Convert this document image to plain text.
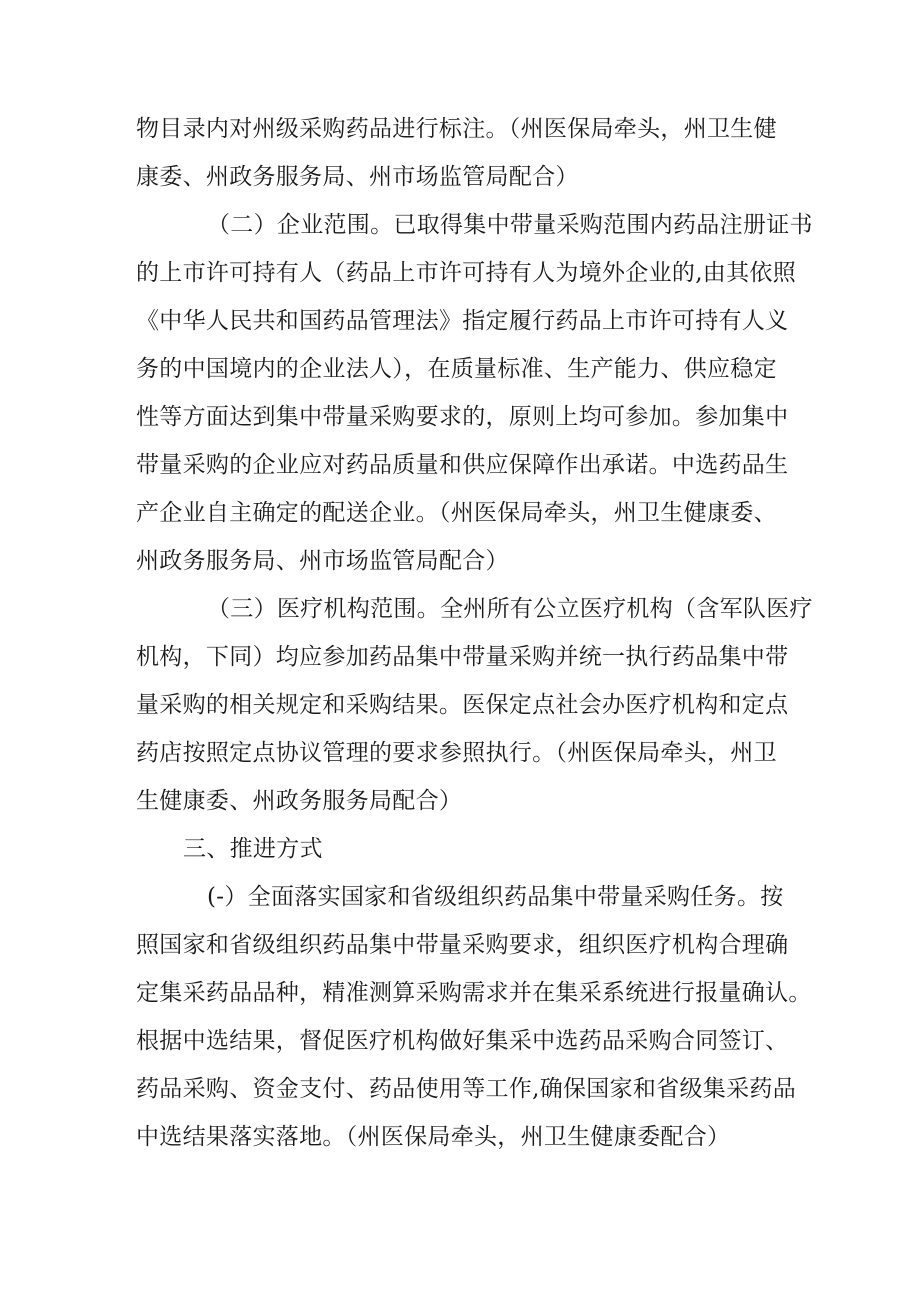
物目录内对州级采购药品进行标注。（州医保局牵头，州卫生健
康委、州政务服务局、州市场监管局配合）
（二）企业范围。已取得集中带量采购范围内药品注册证书
的上市许可持有人（药品上市许可持有人为境外企业的,由其依照
《中华人民共和国药品管理法》指定履行药品上市许可持有人义
务的中国境内的企业法人），在质量标准、生产能力、供应稳定
性等方面达到集中带量采购要求的，原则上均可参加。参加集中
带量采购的企业应对药品质量和供应保障作出承诺。中选药品生
产企业自主确定的配送企业。（州医保局牵头，州卫生健康委、
州政务服务局、州市场监管局配合）
（三）医疗机构范围。全州所有公立医疗机构（含军队医疗
机构，下同）均应参加药品集中带量采购并统一执行药品集中带
量采购的相关规定和采购结果。医保定点社会办医疗机构和定点
药店按照定点协议管理的要求参照执行。（州医保局牵头，州卫
生健康委、州政务服务局配合）
三、推进方式
(-）全面落实国家和省级组织药品集中带量采购任务。按
照国家和省级组织药品集中带量采购要求，组织医疗机构合理确
定集采药品品种，精准测算采购需求并在集采系统进行报量确认。
根据中选结果，督促医疗机构做好集采中选药品采购合同签订、
药品采购、资金支付、药品使用等工作,确保国家和省级集采药品
中选结果落实落地。（州医保局牵头，州卫生健康委配合）
